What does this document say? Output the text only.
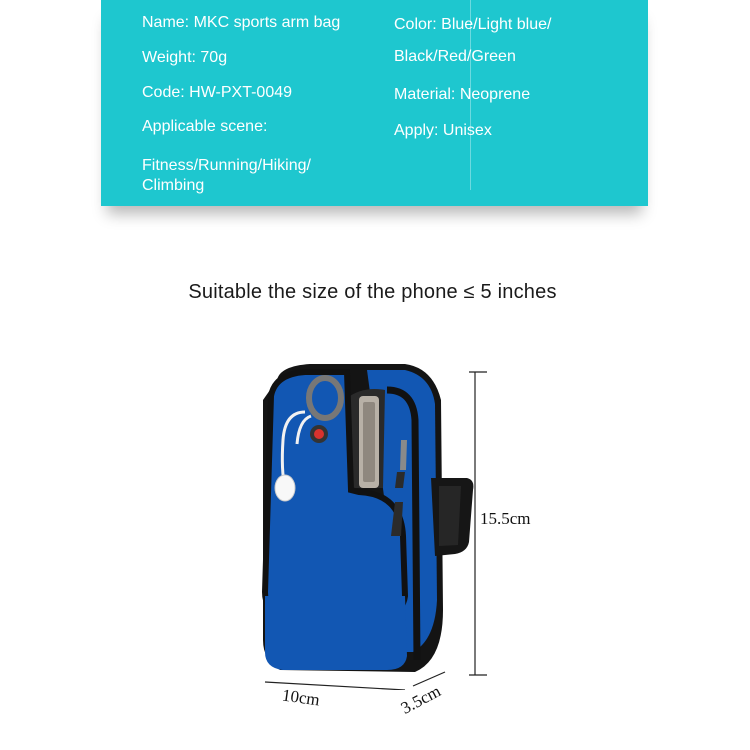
Name: MKC sports arm bag
Weight: 70g
Code: HW-PXT-0049
Applicable scene:
Fitness/Running/Hiking/
Climbing
Color: Blue/Light blue/
Black/Red/Green
Material: Neoprene
Apply: Unisex
Suitable the size of the phone ≤ 5 inches
15.5cm
10cm	3.5cm
